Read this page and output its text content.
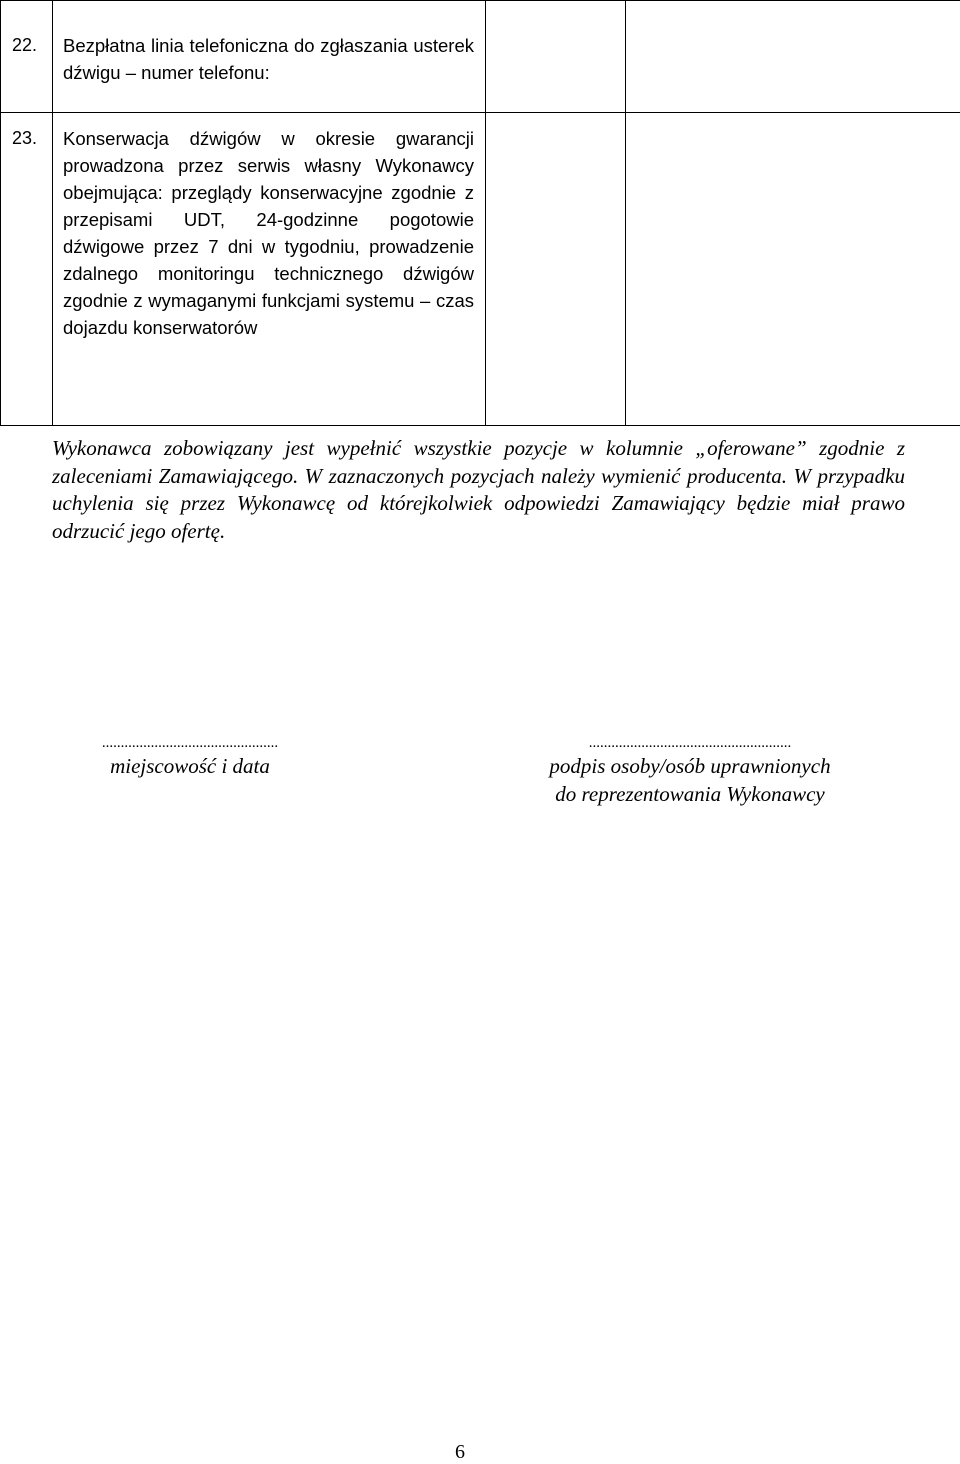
22.	Bezpłatna linia telefoniczna do zgłaszania usterek dźwigu – numer telefonu:		
23.	Konserwacja dźwigów w okresie gwarancji prowadzona przez serwis własny Wykonawcy obejmująca: przeglądy konserwacyjne zgodnie z przepisami UDT, 24-godzinne pogotowie dźwigowe przez 7 dni w tygodniu, prowadzenie zdalnego monitoringu technicznego dźwigów zgodnie z wymaganymi funkcjami systemu – czas dojazdu konserwatorów		

Wykonawca zobowiązany jest wypełnić wszystkie pozycje w kolumnie „oferowane” zgodnie z zaleceniami Zamawiającego. W zaznaczonych pozycjach należy wymienić producenta. W przypadku uchylenia się przez Wykonawcę od którejkolwiek odpowiedzi Zamawiający będzie miał prawo odrzucić jego ofertę.

...............................................
miejscowość i data
......................................................
podpis osoby/osób uprawnionych
do reprezentowania Wykonawcy
6
